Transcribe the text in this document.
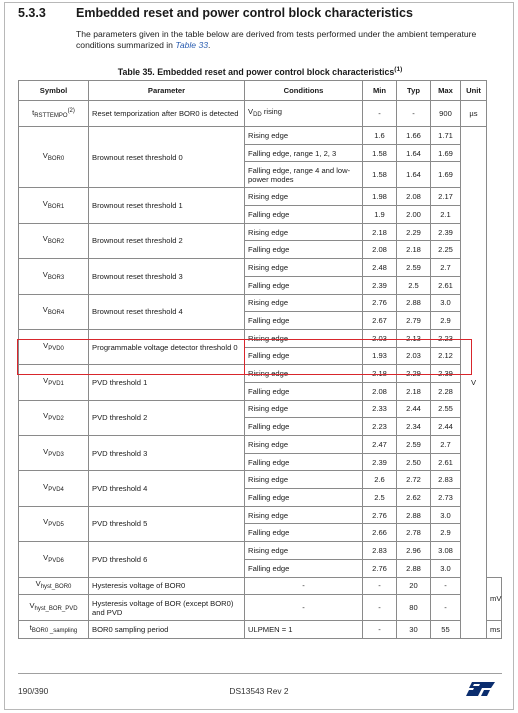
5.3.3 Embedded reset and power control block characteristics
The parameters given in the table below are derived from tests performed under the ambient temperature conditions summarized in Table 33.
Table 35. Embedded reset and power control block characteristics$^{(1)}$
Symbol	Parameter	Conditions	Min	Typ	Max	Unit	
$t_{RSTTEMPO}^{(2)}$	Reset temporization after BOR0 is detected	$V_{DD}$ rising	-	-	900	µs	
$V_{BOR0}$	Brownout reset threshold 0	Rising edge	1.6	1.66	1.71	V	
		Falling edge, range 1, 2, 3	1.58	1.64	1.69		
		Falling edge, range 4 and low-power modes	1.58	1.64	1.69		
$V_{BOR1}$	Brownout reset threshold 1	Rising edge	1.98	2.08	2.17		
		Falling edge	1.9	2.00	2.1		
$V_{BOR2}$	Brownout reset threshold 2	Rising edge	2.18	2.29	2.39		
		Falling edge	2.08	2.18	2.25		
$V_{BOR3}$	Brownout reset threshold 3	Rising edge	2.48	2.59	2.7		
		Falling edge	2.39	2.5	2.61		
$V_{BOR4}$	Brownout reset threshold 4	Rising edge	2.76	2.88	3.0		
		Falling edge	2.67	2.79	2.9		
$V_{PVD0}$	Programmable voltage detector threshold 0	Rising edge	2.03	2.13	2.23		
		Falling edge	1.93	2.03	2.12		
$V_{PVD1}$	PVD threshold 1	Rising edge	2.18	2.29	2.39		
		Falling edge	2.08	2.18	2.28		
$V_{PVD2}$	PVD threshold 2	Rising edge	2.33	2.44	2.55		
		Falling edge	2.23	2.34	2.44		
$V_{PVD3}$	PVD threshold 3	Rising edge	2.47	2.59	2.7		
		Falling edge	2.39	2.50	2.61		
$V_{PVD4}$	PVD threshold 4	Rising edge	2.6	2.72	2.83		
		Falling edge	2.5	2.62	2.73		
$V_{PVD5}$	PVD threshold 5	Rising edge	2.76	2.88	3.0		
		Falling edge	2.66	2.78	2.9		
$V_{PVD6}$	PVD threshold 6	Rising edge	2.83	2.96	3.08		
		Falling edge	2.76	2.88	3.0		
$V_{hyst\_BOR0}$	Hysteresis voltage of BOR0	-	-	20	-		mV
$V_{hyst\_BOR\_PVD}$	Hysteresis voltage of BOR (except BOR0) and PVD	-	-	80	-		
$t_{BOR0 \_sampling}$	BOR0 sampling period	ULPMEN = 1	-	30	55		ms
190/390	DS13543 Rev 2
